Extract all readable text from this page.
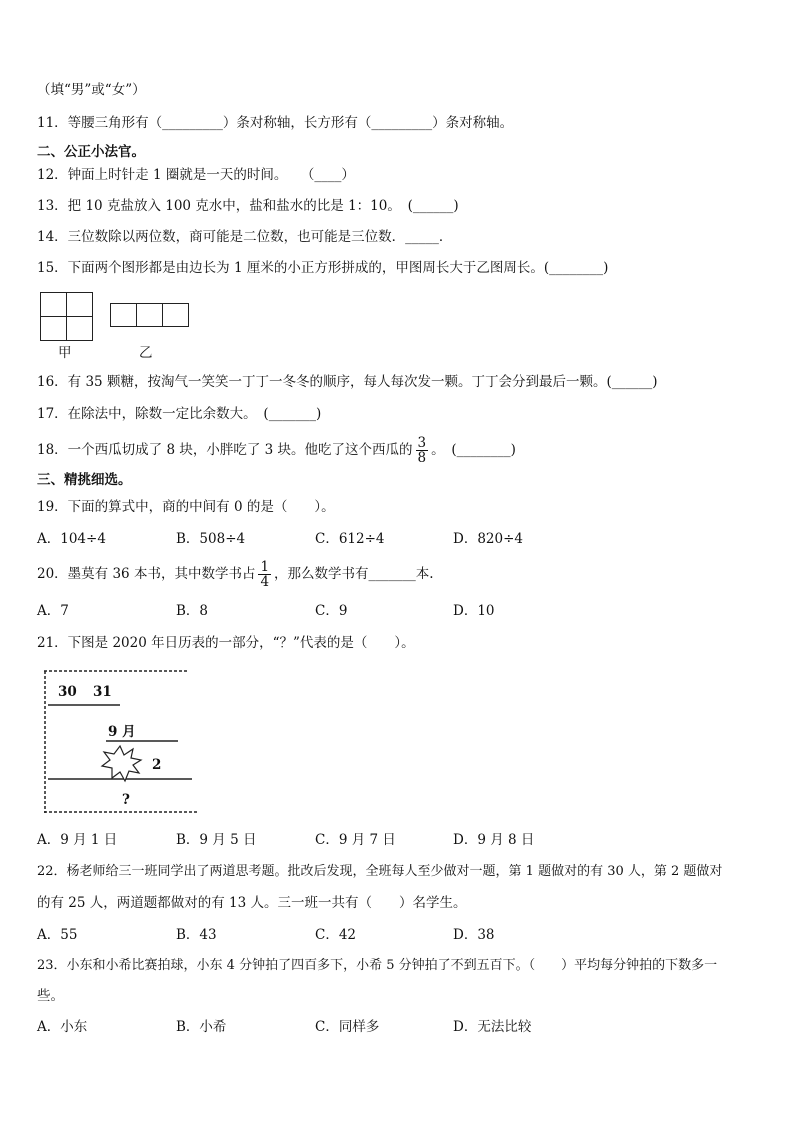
（填“男”或“女”）
11．等腰三角形有（_________）条对称轴，长方形有（_________）条对称轴。
二、公正小法官。
12．钟面上时针走 1 圈就是一天的时间。　　（____）
13．把 10 克盐放入 100 克水中，盐和盐水的比是 1：10。　(______)
14．三位数除以两位数，商可能是二位数，也可能是三位数．_____．
15．下面两个图形都是由边长为 1 厘米的小正方形拼成的，甲图周长大于乙图周长。(________)
甲	乙
16．有 35 颗糖，按淘气一笑笑一丁丁一冬冬的顺序，每人每次发一颗。丁丁会分到最后一颗。(______)
17．在除法中，除数一定比余数大。　(_______)
18．一个西瓜切成了 8 块，小胖吃了 3 块。他吃了这个西瓜的 $\frac{3}{8}$ 。　(________)
三、精挑细选。
19．下面的算式中，商的中间有 0 的是（　　）。
A．104÷4	B．508÷4	C．612÷4	D．820÷4
20．墨莫有 36 本书，其中数学书占 $\frac{1}{4}$ ，那么数学书有_______本.
A．7	B．8	C．9	D．10
21．下图是 2020 年日历表的一部分，“？”代表的是（　　）。
30 31
9 月
2
?
A．9 月 1 日	B．9 月 5 日	C．9 月 7 日	D．9 月 8 日
22．杨老师给三一班同学出了两道思考题。批改后发现，全班每人至少做对一题，第 1 题做对的有 30 人，第 2 题做对
的有 25 人，两道题都做对的有 13 人。三一班一共有（　　）名学生。
A．55	B．43	C．42	D．38
23．小东和小希比赛拍球，小东 4 分钟拍了四百多下，小希 5 分钟拍了不到五百下。（　　）平均每分钟拍的下数多一
些。
A．小东	B．小希	C．同样多	D．无法比较
